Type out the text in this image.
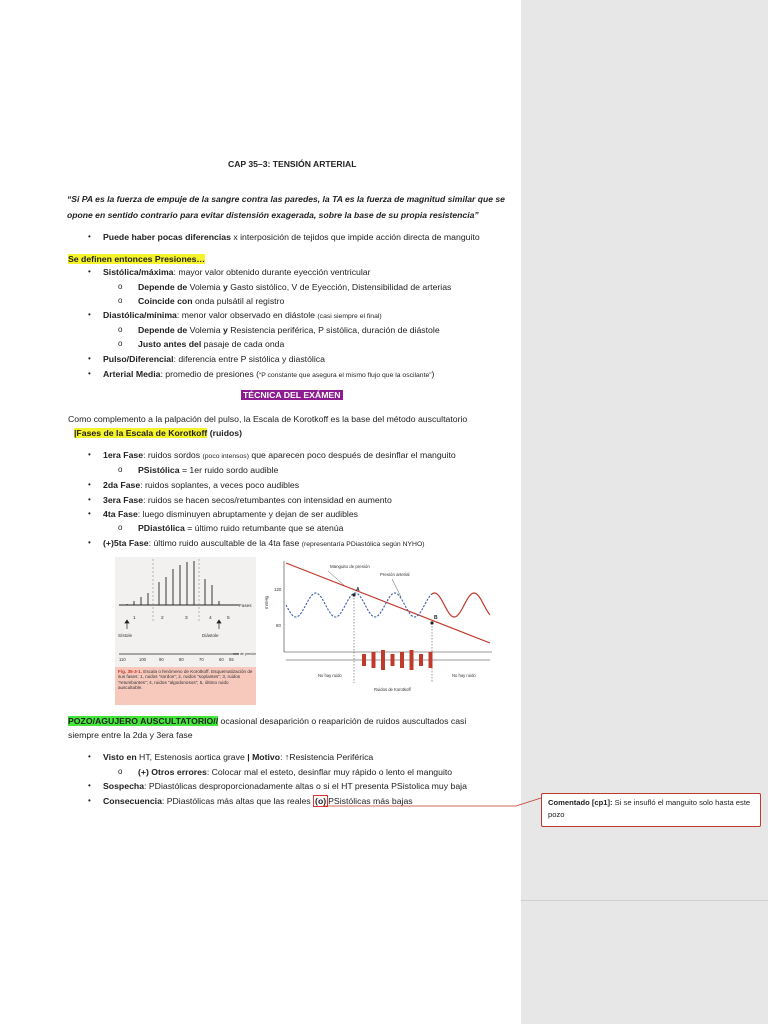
CAP 35–3: TENSIÓN ARTERIAL
“Si PA es la fuerza de empuje de la sangre contra las paredes, la TA es la fuerza de magnitud similar que se opone en sentido contrario para evitar distensión exagerada, sobre la base de su propia resistencia”
• Puede haber pocas diferencias x interposición de tejidos que impide acción directa de manguito
Se definen entonces Presiones…
• Sistólica/máxima: mayor valor obtenido durante eyección ventricular
o Depende de Volemia y Gasto sistólico, V de Eyección, Distensibilidad de arterias
o Coincide con onda pulsátil al registro
• Diastólica/mínima: menor valor observado en diástole (casi siempre el final)
o Depende de Volemia y Resistencia periférica, P sistólica, duración de diástole
o Justo antes del pasaje de cada onda
• Pulso/Diferencial: diferencia entre P sistólica y diastólica
• Arterial Media: promedio de presiones (“P constante que asegura el mismo flujo que la oscilante”)
TÉCNICA DEL EXÁMEN
Como complemento a la palpación del pulso, la Escala de Korotkoff es la base del método auscultatorio
|Fases de la Escala de Korotkoff (ruidos)
• 1era Fase: ruidos sordos (poco intensos) que aparecen poco después de desinflar el manguito
o PSistólica = 1er ruido sordo audible
• 2da Fase: ruidos soplantes, a veces poco audibles
• 3era Fase: ruidos se hacen secos/retumbantes con intensidad en aumento
• 4ta Fase: luego disminuyen abruptamente y dejan de ser audibles
o PDiastólica = último ruido retumbante que se atenúa
• (+)5ta Fase: último ruido auscultable de la 4ta fase (representaría PDiastólica según NYHO)
Fases
1	2	3	4	5
Sístole	Diástole
110	100	90	80	70	60 55
mm de presión
Fig. 35-3-1. Escala o fenómeno de Korotkoff. Esquematización de sus fases: 1, ruidos “sordos”; 2, ruidos “soplantes”; 3, ruidos “retumbantes”; 4, ruidos “algodonosos”; 5, último ruido auscultable.
Manguito de presión
Presión arterial
mmHg
120
80
A
B
No hay ruido	No hay ruido
Ruidos de Korotkoff
POZO/AGUJERO AUSCULTATORIO// ocasional desaparición o reaparición de ruidos auscultados casi
siempre entre la 2da y 3era fase
• Visto en HT, Estenosis aortica grave | Motivo: ↑Resistencia Periférica
o (+) Otros errores: Colocar mal el esteto, desinflar muy rápido o lento el manguito
• Sospecha: PDiastólicas desproporcionadamente altas o si el HT presenta PSistolica muy baja
• Consecuencia: PDiastólicas más altas que las reales (o) PSistólicas más bajas	Comentado [cp1]: Si se insufló el manguito solo hasta este pozo
